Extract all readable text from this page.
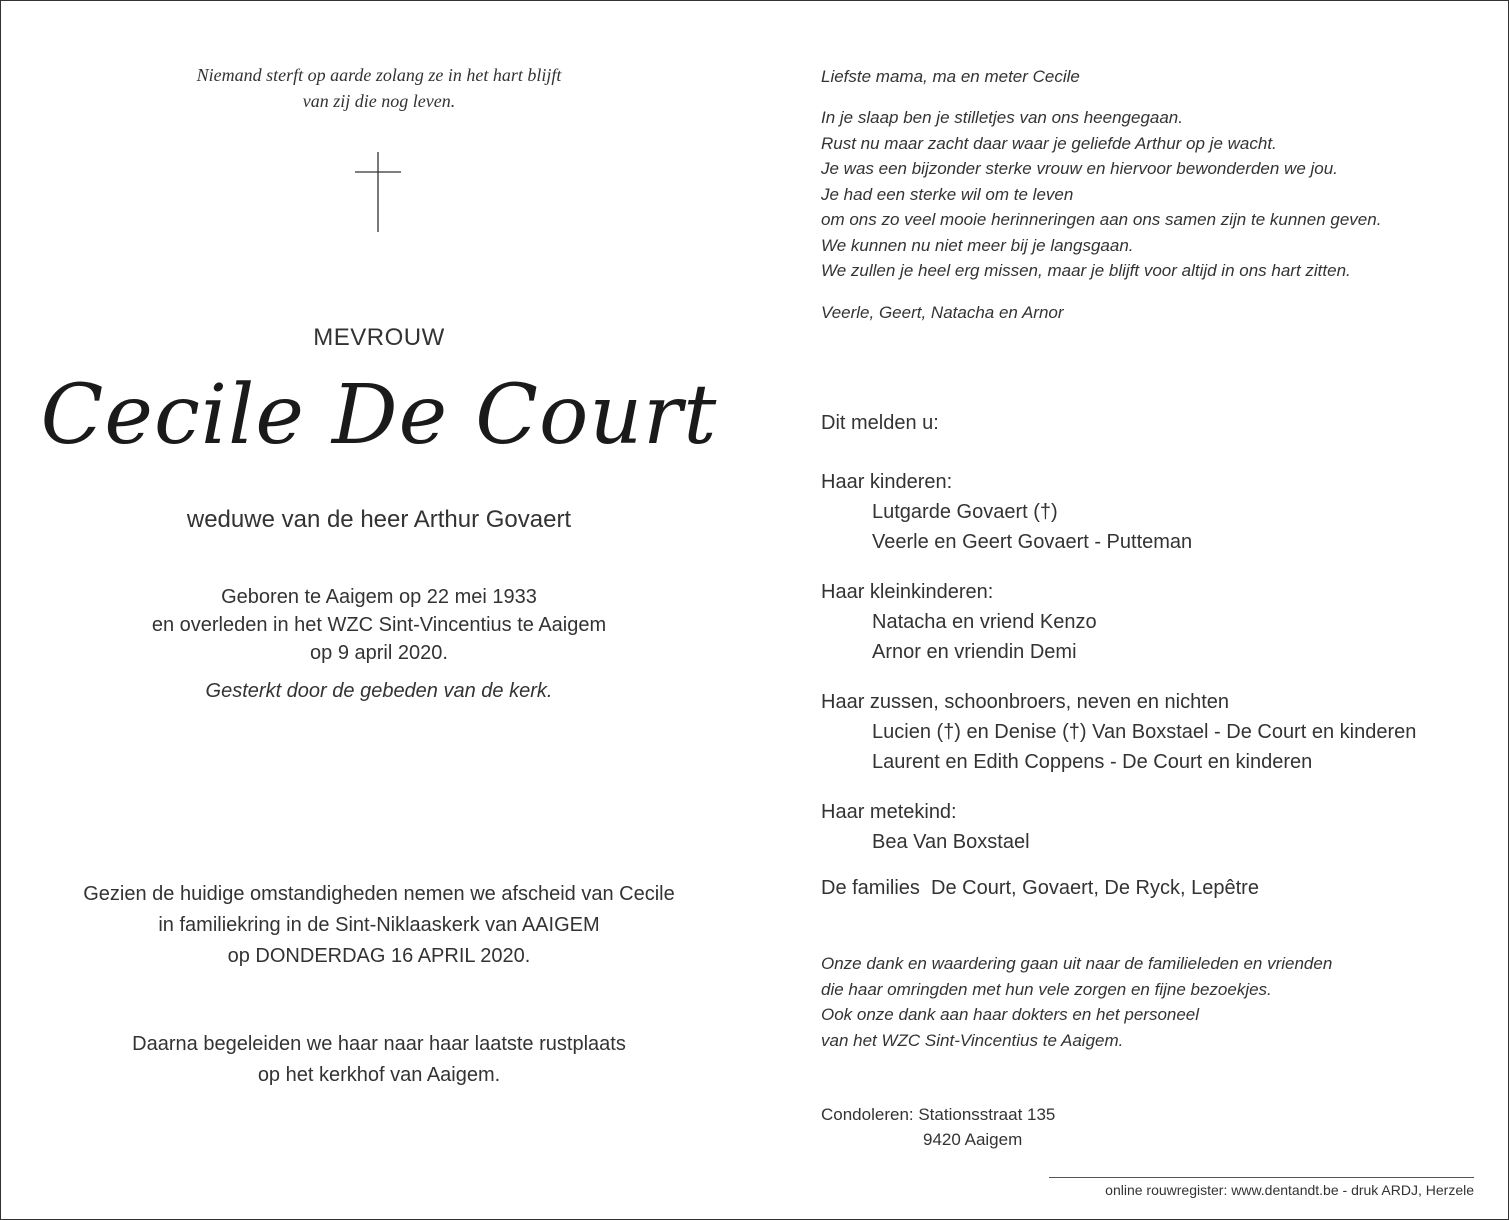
Niemand sterft op aarde zolang ze in het hart blijft
van zij die nog leven.
MEVROUW
Cecile De Court
weduwe van de heer Arthur Govaert
Geboren te Aaigem op 22 mei 1933
en overleden in het WZC Sint-Vincentius te Aaigem
op 9 april 2020.
Gesterkt door de gebeden van de kerk.
Gezien de huidige omstandigheden nemen we afscheid van Cecile
in familiekring in de Sint-Niklaaskerk van AAIGEM
op DONDERDAG 16 APRIL 2020.
Daarna begeleiden we haar naar haar laatste rustplaats
op het kerkhof van Aaigem.
Liefste mama, ma en meter Cecile
In je slaap ben je stilletjes van ons heengegaan.
Rust nu maar zacht daar waar je geliefde Arthur op je wacht.
Je was een bijzonder sterke vrouw en hiervoor bewonderden we jou.
Je had een sterke wil om te leven
om ons zo veel mooie herinneringen aan ons samen zijn te kunnen geven.
We kunnen nu niet meer bij je langsgaan.
We zullen je heel erg missen, maar je blijft voor altijd in ons hart zitten.
Veerle, Geert, Natacha en Arnor
Dit melden u:
Haar kinderen:
Lutgarde Govaert (†)
Veerle en Geert Govaert - Putteman
Haar kleinkinderen:
Natacha en vriend Kenzo
Arnor en vriendin Demi
Haar zussen, schoonbroers, neven en nichten
Lucien (†) en Denise (†) Van Boxstael - De Court en kinderen
Laurent en Edith Coppens - De Court en kinderen
Haar metekind:
Bea Van Boxstael
De families  De Court, Govaert, De Ryck, Lepêtre
Onze dank en waardering gaan uit naar de familieleden en vrienden
die haar omringden met hun vele zorgen en fijne bezoekjes.
Ook onze dank aan haar dokters en het personeel
van het WZC Sint-Vincentius te Aaigem.
Condoleren: Stationsstraat 135
9420 Aaigem
online rouwregister: www.dentandt.be - druk ARDJ, Herzele
